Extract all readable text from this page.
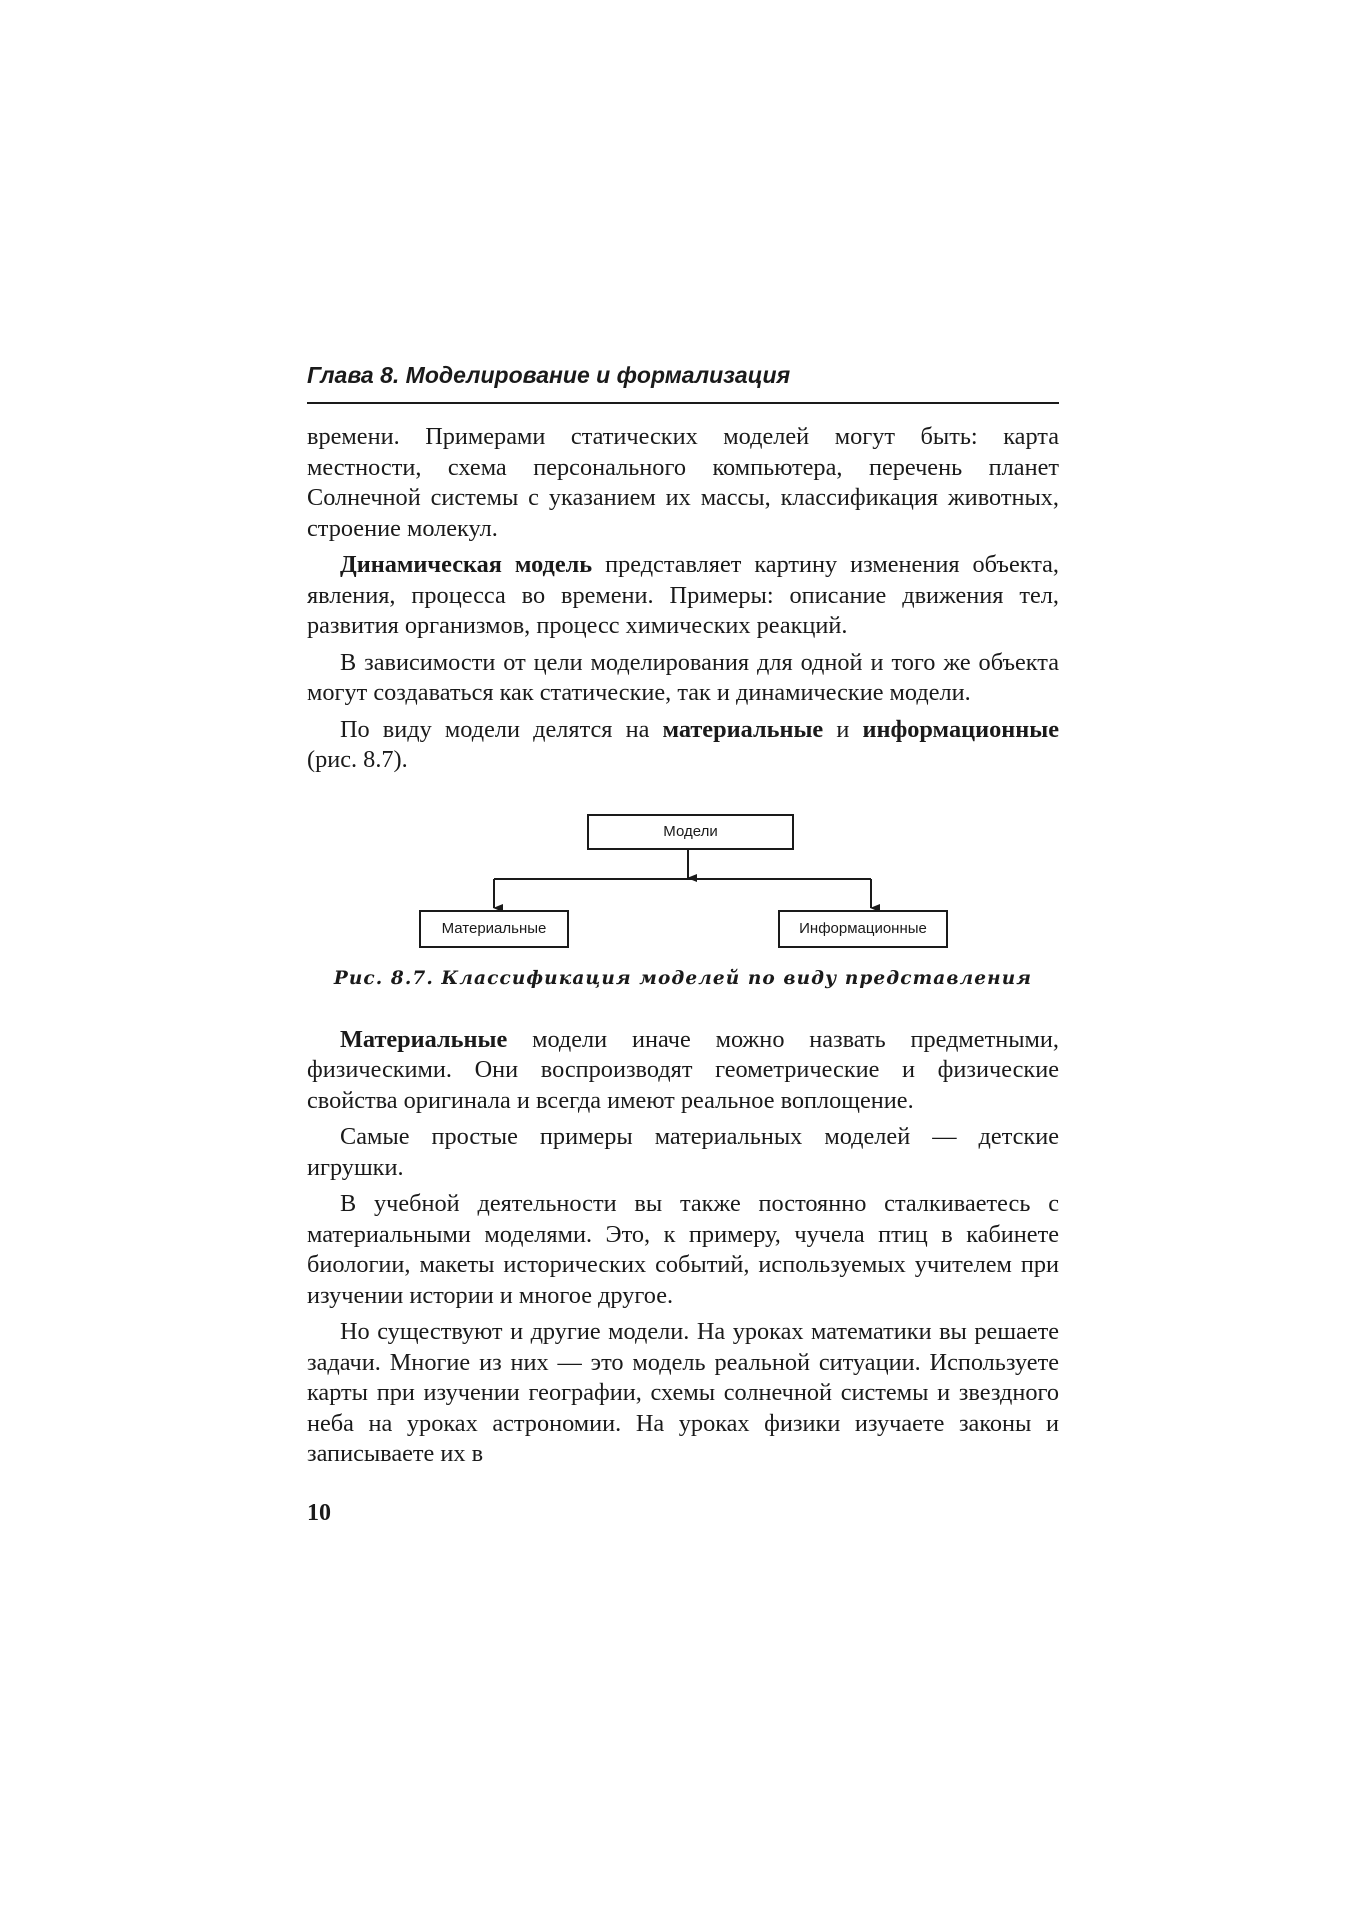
Глава 8. Моделирование и формализация

времени. Примерами статических моделей могут быть: карта местности, схема персонального компьютера, перечень планет Солнечной системы с указанием их массы, классификация животных, строение молекул.

Динамическая модель представляет картину изменения объекта, явления, процесса во времени. Примеры: описание движения тел, развития организмов, процесс химических реакций.

В зависимости от цели моделирования для одной и того же объекта могут создаваться как статические, так и динамические модели.

По виду модели делятся на материальные и информационные (рис. 8.7).

Модели
Материальные	Информационные
Рис. 8.7. Классификация моделей по виду представления

Материальные модели иначе можно назвать предметными, физическими. Они воспроизводят геометрические и физические свойства оригинала и всегда имеют реальное воплощение.

Самые простые примеры материальных моделей — детские игрушки.

В учебной деятельности вы также постоянно сталкиваетесь с материальными моделями. Это, к примеру, чучела птиц в кабинете биологии, макеты исторических событий, используемых учителем при изучении истории и многое другое.

Но существуют и другие модели. На уроках математики вы решаете задачи. Многие из них — это модель реальной ситуации. Используете карты при изучении географии, схемы солнечной системы и звездного неба на уроках астрономии. На уроках физики изучаете законы и записываете их в

10
